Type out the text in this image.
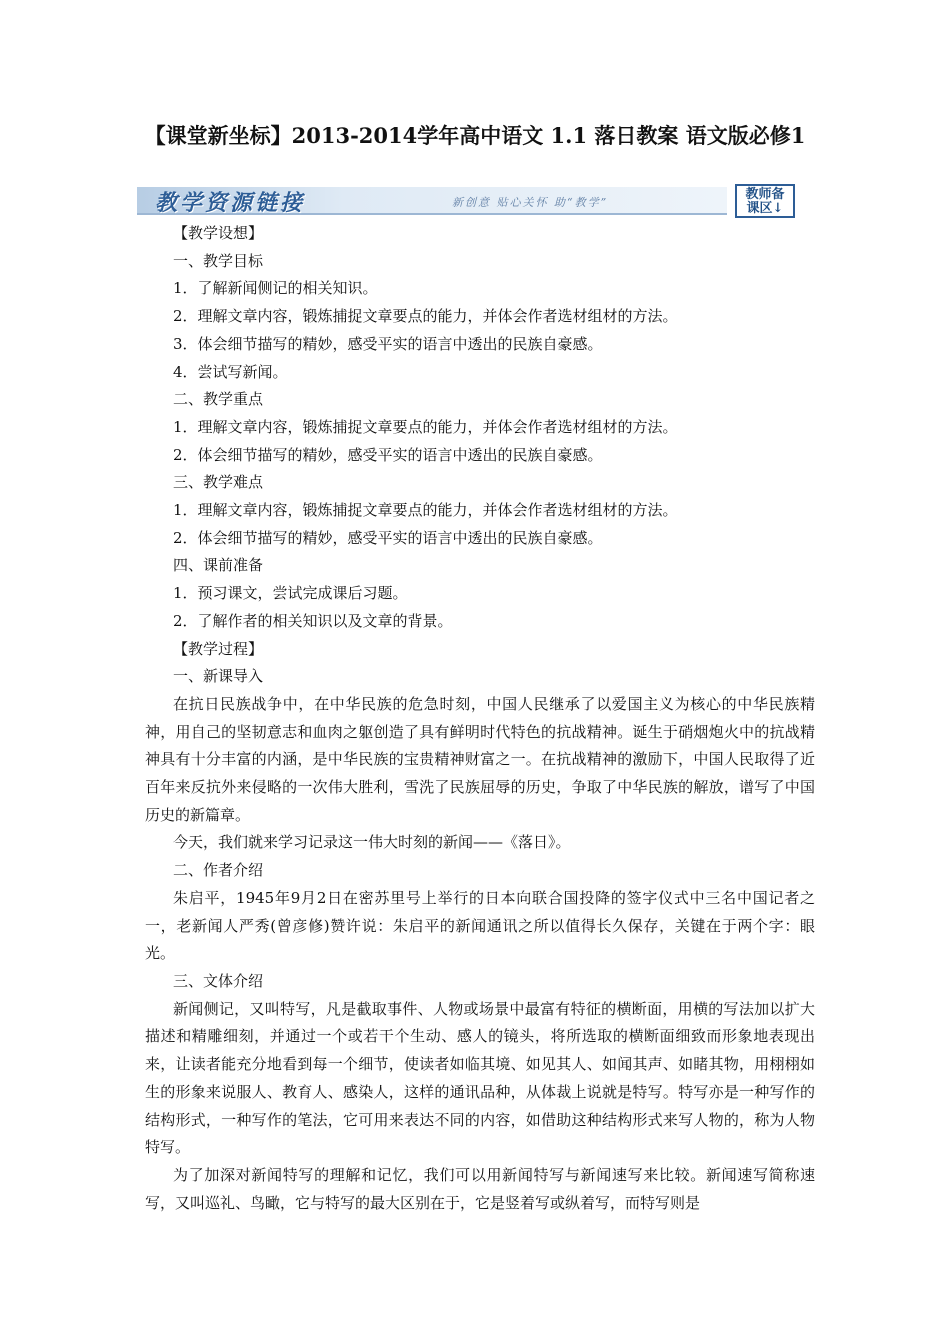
【课堂新坐标】2013-2014学年高中语文 1.1 落日教案 语文版必修1
教学资源链接	新创意 贴心关怀 助“教学”
教师备
课区↓
【教学设想】
一、教学目标
1．了解新闻侧记的相关知识。
2．理解文章内容，锻炼捕捉文章要点的能力，并体会作者选材组材的方法。
3．体会细节描写的精妙，感受平实的语言中透出的民族自豪感。
4．尝试写新闻。
二、教学重点
1．理解文章内容，锻炼捕捉文章要点的能力，并体会作者选材组材的方法。
2．体会细节描写的精妙，感受平实的语言中透出的民族自豪感。
三、教学难点
1．理解文章内容，锻炼捕捉文章要点的能力，并体会作者选材组材的方法。
2．体会细节描写的精妙，感受平实的语言中透出的民族自豪感。
四、课前准备
1．预习课文，尝试完成课后习题。
2．了解作者的相关知识以及文章的背景。
【教学过程】
一、新课导入
在抗日民族战争中，在中华民族的危急时刻，中国人民继承了以爱国主义为核心的中华民族精神，用自己的坚韧意志和血肉之躯创造了具有鲜明时代特色的抗战精神。诞生于硝烟炮火中的抗战精神具有十分丰富的内涵，是中华民族的宝贵精神财富之一。在抗战精神的激励下，中国人民取得了近百年来反抗外来侵略的一次伟大胜利，雪洗了民族屈辱的历史，争取了中华民族的解放，谱写了中国历史的新篇章。
今天，我们就来学习记录这一伟大时刻的新闻——《落日》。
二、作者介绍
朱启平，1945年9月2日在密苏里号上举行的日本向联合国投降的签字仪式中三名中国记者之一，老新闻人严秀(曾彦修)赞许说：朱启平的新闻通讯之所以值得长久保存，关键在于两个字：眼光。
三、文体介绍
新闻侧记，又叫特写，凡是截取事件、人物或场景中最富有特征的横断面，用横的写法加以扩大描述和精雕细刻，并通过一个或若干个生动、感人的镜头，将所选取的横断面细致而形象地表现出来，让读者能充分地看到每一个细节，使读者如临其境、如见其人、如闻其声、如睹其物，用栩栩如生的形象来说服人、教育人、感染人，这样的通讯品种，从体裁上说就是特写。特写亦是一种写作的结构形式，一种写作的笔法，它可用来表达不同的内容，如借助这种结构形式来写人物的，称为人物特写。
为了加深对新闻特写的理解和记忆，我们可以用新闻特写与新闻速写来比较。新闻速写简称速写，又叫巡礼、鸟瞰，它与特写的最大区别在于，它是竖着写或纵着写，而特写则是
